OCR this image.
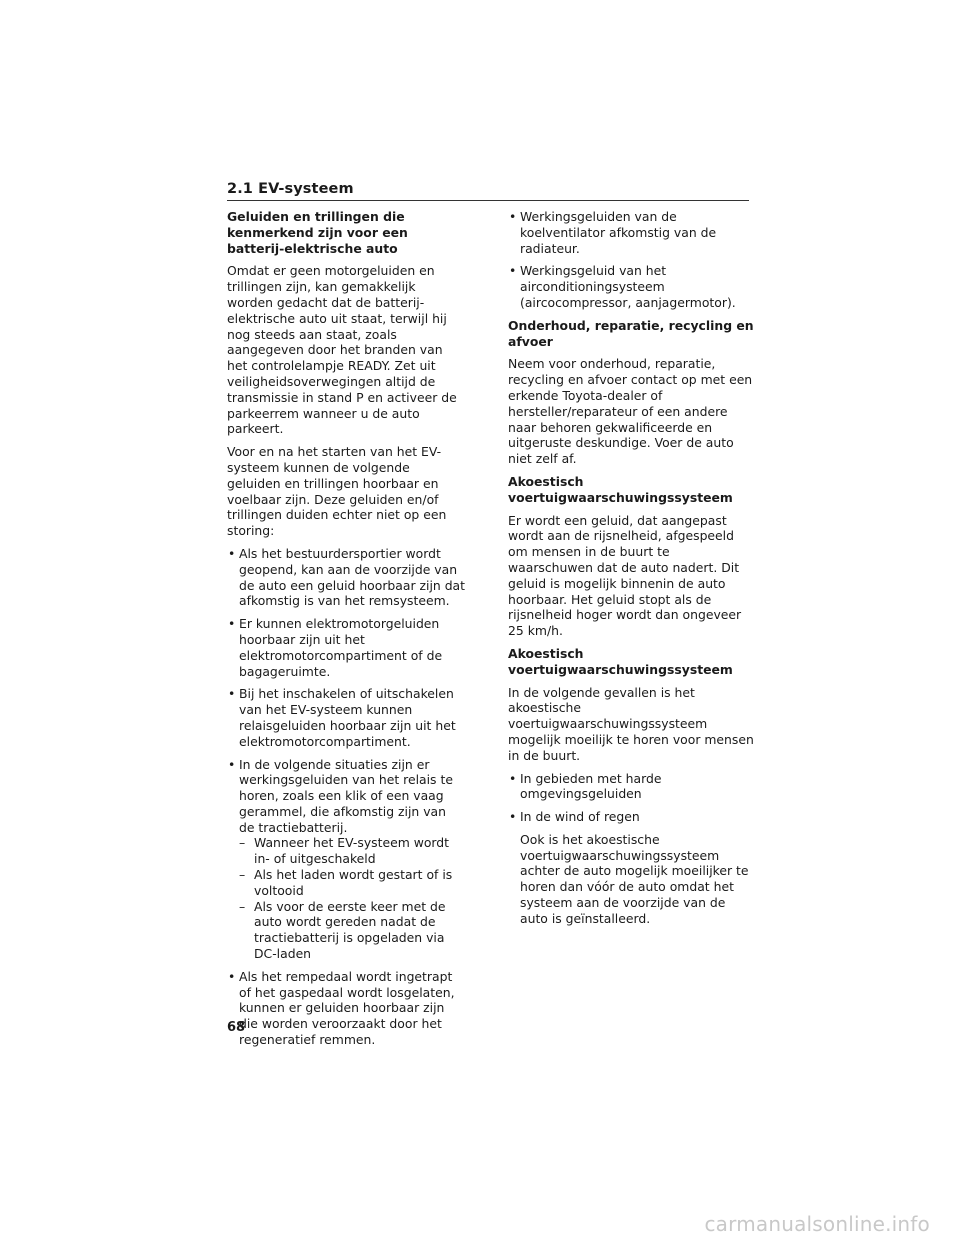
2.1 EV-systeem
Geluiden en trillingen die kenmerkend zijn voor een batterij-elektrische auto

Omdat er geen motorgeluiden en trillingen zijn, kan gemakkelijk worden gedacht dat de batterij-elektrische auto uit staat, terwijl hij nog steeds aan staat, zoals aangegeven door het branden van het controlelampje READY. Zet uit veiligheidsoverwegingen altijd de transmissie in stand P en activeer de parkeerrem wanneer u de auto parkeert.

Voor en na het starten van het EV-systeem kunnen de volgende geluiden en trillingen hoorbaar en voelbaar zijn. Deze geluiden en/of trillingen duiden echter niet op een storing:

• Als het bestuurdersportier wordt geopend, kan aan de voorzijde van de auto een geluid hoorbaar zijn dat afkomstig is van het remsysteem.
• Er kunnen elektromotorgeluiden hoorbaar zijn uit het elektromotorcompartiment of de bagageruimte.
• Bij het inschakelen of uitschakelen van het EV-systeem kunnen relaisgeluiden hoorbaar zijn uit het elektromotorcompartiment.
• In de volgende situaties zijn er werkingsgeluiden van het relais te horen, zoals een klik of een vaag gerammel, die afkomstig zijn van de tractiebatterij.
– Wanneer het EV-systeem wordt in- of uitgeschakeld
– Als het laden wordt gestart of is voltooid
– Als voor de eerste keer met de auto wordt gereden nadat de tractiebatterij is opgeladen via DC-laden
• Als het rempedaal wordt ingetrapt of het gaspedaal wordt losgelaten, kunnen er geluiden hoorbaar zijn die worden veroorzaakt door het regeneratief remmen.
• Werkingsgeluiden van de koelventilator afkomstig van de radiateur.
• Werkingsgeluid van het airconditioningsysteem (aircocompressor, aanjagermotor).
Onderhoud, reparatie, recycling en afvoer

Neem voor onderhoud, reparatie, recycling en afvoer contact op met een erkende Toyota-dealer of hersteller/reparateur of een andere naar behoren gekwalificeerde en uitgeruste deskundige. Voer de auto niet zelf af.

Akoestisch voertuigwaarschuwingssysteem

Er wordt een geluid, dat aangepast wordt aan de rijsnelheid, afgespeeld om mensen in de buurt te waarschuwen dat de auto nadert. Dit geluid is mogelijk binnenin de auto hoorbaar. Het geluid stopt als de rijsnelheid hoger wordt dan ongeveer 25 km/h.

Akoestisch voertuigwaarschuwingssysteem

In de volgende gevallen is het akoestische voertuigwaarschuwingssysteem mogelijk moeilijk te horen voor mensen in de buurt.

• In gebieden met harde omgevingsgeluiden
• In de wind of regen

Ook is het akoestische voertuigwaarschuwingssysteem achter de auto mogelijk moeilijker te horen dan vóór de auto omdat het systeem aan de voorzijde van de auto is geïnstalleerd.

68
carmanualsonline.info
